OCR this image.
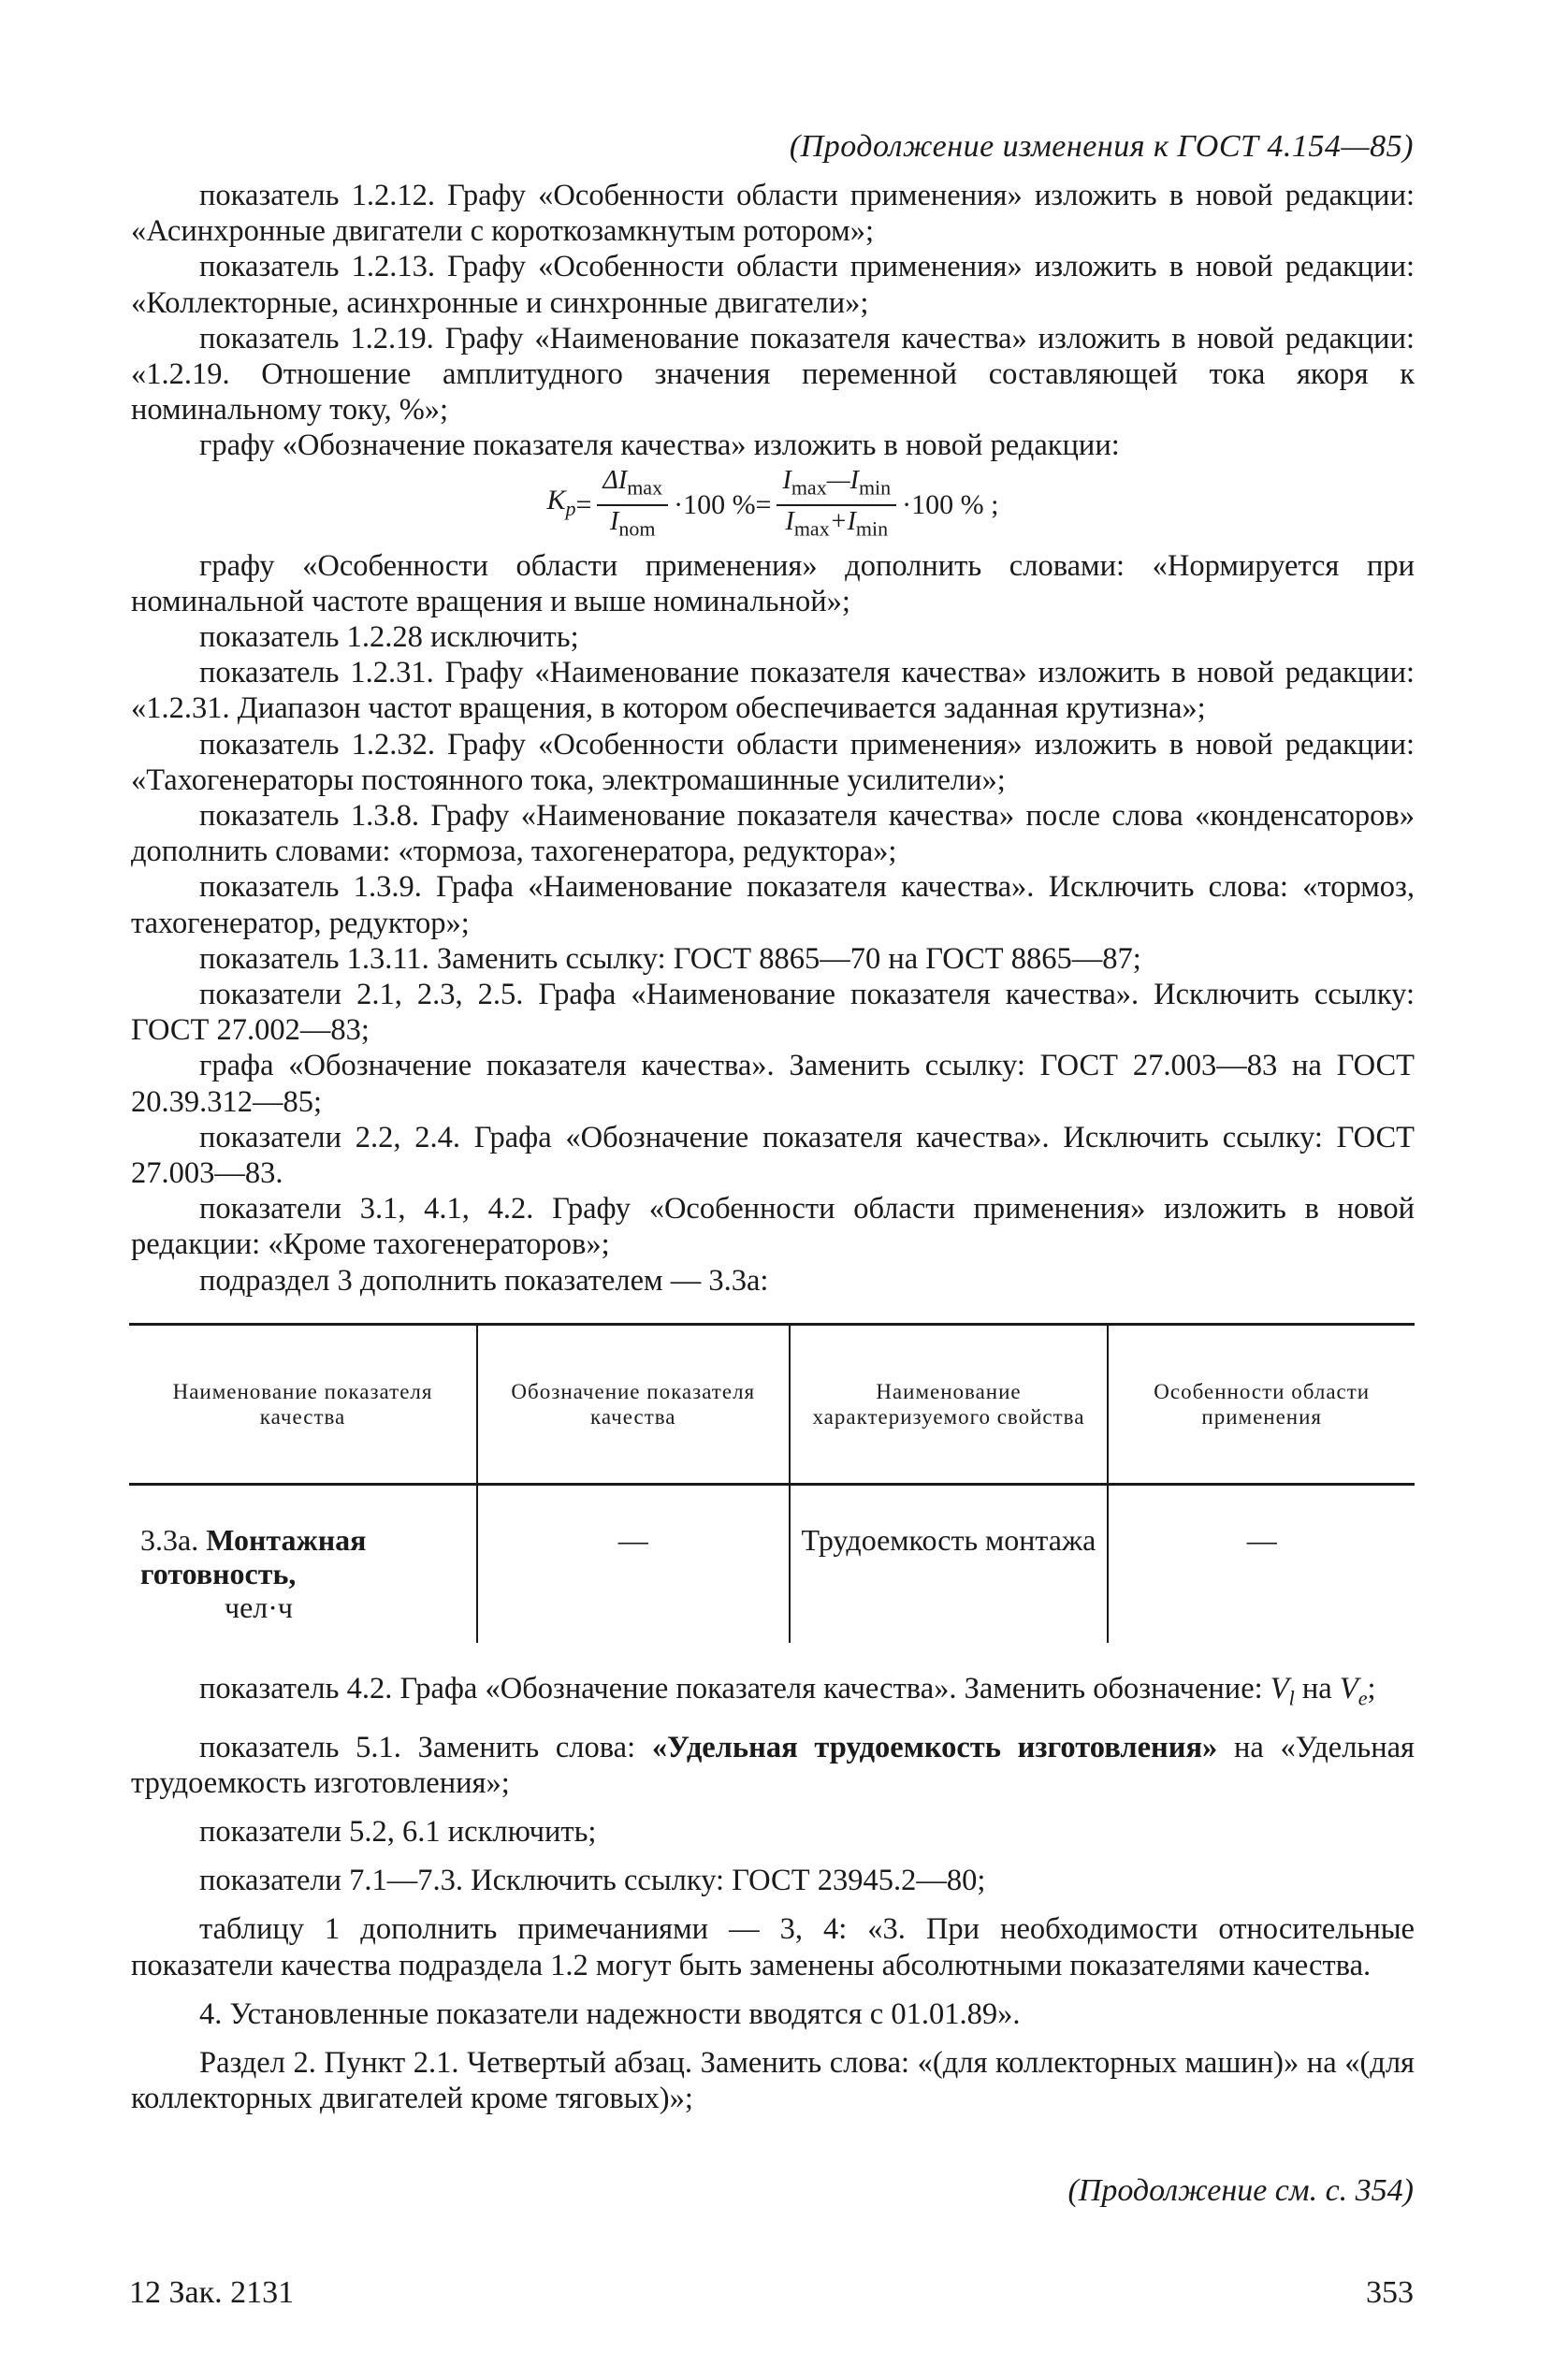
(Продолжение изменения к ГОСТ 4.154—85)

показатель 1.2.12. Графу «Особенности области применения» изложить в новой редакции: «Асинхронные двигатели с короткозамкнутым ротором»;

показатель 1.2.13. Графу «Особенности области применения» изложить в новой редакции: «Коллекторные, асинхронные и синхронные двигатели»;

показатель 1.2.19. Графу «Наименование показателя качества» изложить в новой редакции: «1.2.19. Отношение амплитудного значения переменной составляющей тока якоря к номинальному току, %»;

графу «Обозначение показателя качества» изложить в новой редакции:

$K_р = \frac{\Delta I_{max}}{I_{nom}} \cdot 100$ %= $\frac{I_{max}—I_{min}}{I_{max}+I_{min}} \cdot 100$ % ;

графу «Особенности области применения» дополнить словами: «Нормируется при номинальной частоте вращения и выше номинальной»;

показатель 1.2.28 исключить;

показатель 1.2.31. Графу «Наименование показателя качества» изложить в новой редакции: «1.2.31. Диапазон частот вращения, в котором обеспечивается заданная крутизна»;

показатель 1.2.32. Графу «Особенности области применения» изложить в новой редакции: «Тахогенераторы постоянного тока, электромашинные усилители»;

показатель 1.3.8. Графу «Наименование показателя качества» после слова «конденсаторов» дополнить словами: «тормоза, тахогенератора, редуктора»;

показатель 1.3.9. Графа «Наименование показателя качества». Исключить слова: «тормоз, тахогенератор, редуктор»;

показатель 1.3.11. Заменить ссылку: ГОСТ 8865—70 на ГОСТ 8865—87;

показатели 2.1, 2.3, 2.5. Графа «Наименование показателя качества». Исключить ссылку: ГОСТ 27.002—83;

графа «Обозначение показателя качества». Заменить ссылку: ГОСТ 27.003—83 на ГОСТ 20.39.312—85;

показатели 2.2, 2.4. Графа «Обозначение показателя качества». Исключить ссылку: ГОСТ 27.003—83.

показатели 3.1, 4.1, 4.2. Графу «Особенности области применения» изложить в новой редакции: «Кроме тахогенераторов»;

подраздел 3 дополнить показателем — 3.3а:

Наименование показателя качества	Обозначение показателя качества	Наименование характеризуемого свойства	Особенности области применения

3.3а. Монтажная готовность,
чел·ч	—	Трудоемкость монтажа	—

показатель 4.2. Графа «Обозначение показателя качества». Заменить обозначение: $V_l$ на $V_e$;

показатель 5.1. Заменить слова: «Удельная трудоемкость изготовления» на «Удельная трудоемкость изготовления»;

показатели 5.2, 6.1 исключить;

показатели 7.1—7.3. Исключить ссылку: ГОСТ 23945.2—80;

таблицу 1 дополнить примечаниями — 3, 4: «3. При необходимости относительные показатели качества подраздела 1.2 могут быть заменены абсолютными показателями качества.

4. Установленные показатели надежности вводятся с 01.01.89».

Раздел 2. Пункт 2.1. Четвертый абзац. Заменить слова: «(для коллекторных машин)» на «(для коллекторных двигателей кроме тяговых)»;

(Продолжение см. с. 354)
12 Зак. 2131	353
